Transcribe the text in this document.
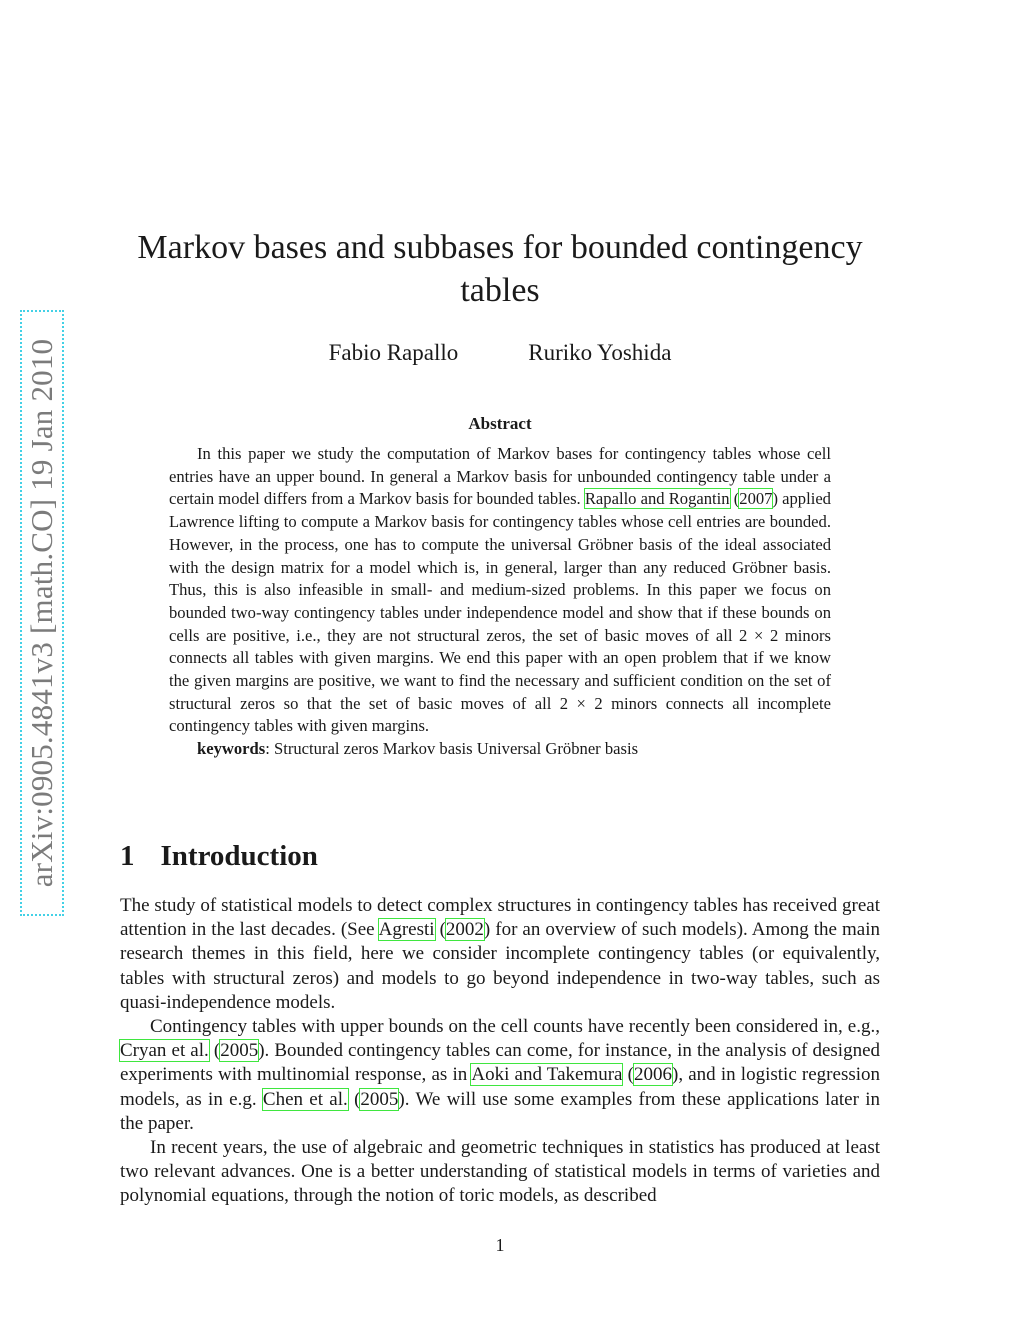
arXiv:0905.4841v3 [math.CO] 19 Jan 2010
Markov bases and subbases for bounded contingency
tables
Fabio Rapallo	Ruriko Yoshida
Abstract

In this paper we study the computation of Markov bases for contingency tables whose cell entries have an upper bound. In general a Markov basis for unbounded contingency table under a certain model differs from a Markov basis for bounded tables. Rapallo and Rogantin (2007) applied Lawrence lifting to compute a Markov basis for contingency tables whose cell entries are bounded. However, in the process, one has to compute the universal Gröbner basis of the ideal associated with the design matrix for a model which is, in general, larger than any reduced Gröbner basis. Thus, this is also infeasible in small- and medium-sized problems. In this paper we focus on bounded two-way contingency tables under independence model and show that if these bounds on cells are positive, i.e., they are not structural zeros, the set of basic moves of all 2 × 2 minors connects all tables with given margins. We end this paper with an open problem that if we know the given margins are positive, we want to find the necessary and sufficient condition on the set of structural zeros so that the set of basic moves of all 2 × 2 minors connects all incomplete contingency tables with given margins.

keywords: Structural zeros Markov basis Universal Gröbner basis

1 Introduction

The study of statistical models to detect complex structures in contingency tables has received great attention in the last decades. (See Agresti (2002) for an overview of such models). Among the main research themes in this field, here we consider incomplete contingency tables (or equivalently, tables with structural zeros) and models to go beyond independence in two-way tables, such as quasi-independence models.

Contingency tables with upper bounds on the cell counts have recently been considered in, e.g., Cryan et al. (2005). Bounded contingency tables can come, for instance, in the analysis of designed experiments with multinomial response, as in Aoki and Takemura (2006), and in logistic regression models, as in e.g. Chen et al. (2005). We will use some examples from these applications later in the paper.

In recent years, the use of algebraic and geometric techniques in statistics has produced at least two relevant advances. One is a better understanding of statistical models in terms of varieties and polynomial equations, through the notion of toric models, as described

1
